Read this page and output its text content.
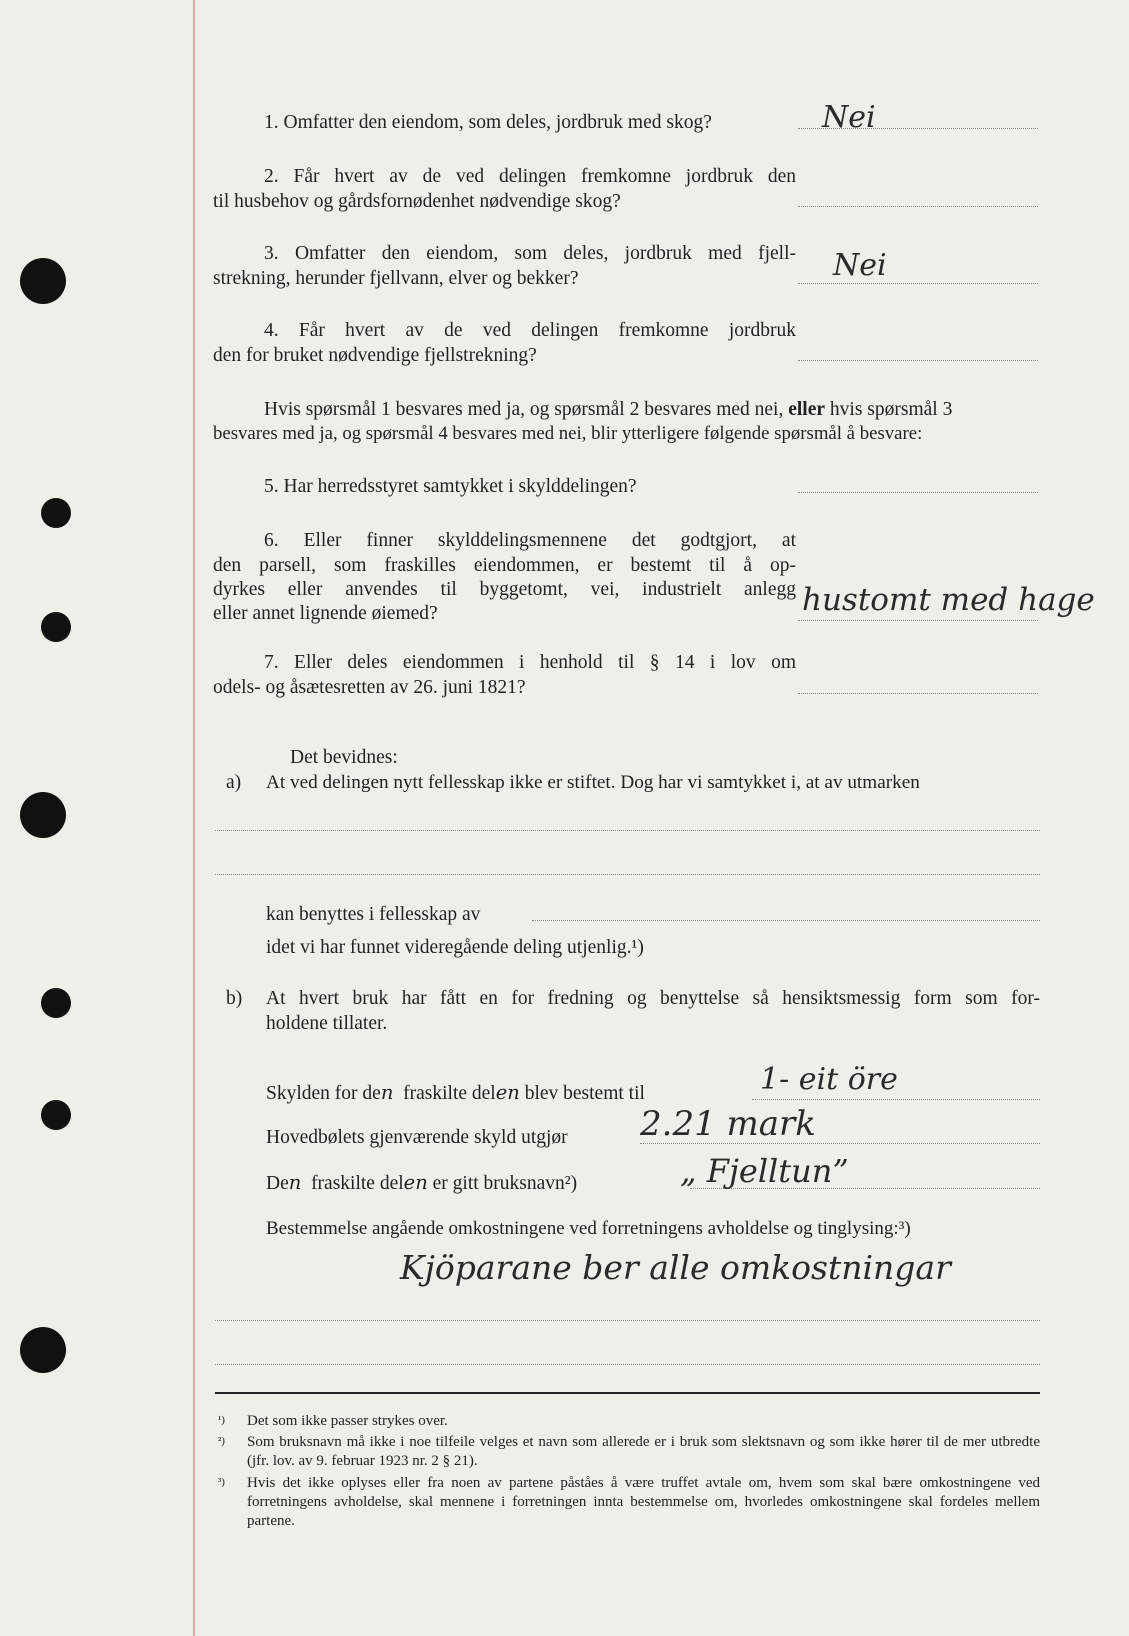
1. Omfatter den eiendom, som deles, jordbruk med skog?	Nei
2. Får hvert av de ved delingen fremkomne jordbruk den
til husbehov og gårdsfornødenhet nødvendige skog?
3. Omfatter den eiendom, som deles, jordbruk med fjell-
strekning, herunder fjellvann, elver og bekker?	Nei
4. Får hvert av de ved delingen fremkomne jordbruk
den for bruket nødvendige fjellstrekning?
Hvis spørsmål 1 besvares med ja, og spørsmål 2 besvares med nei, eller hvis spørsmål 3
besvares med ja, og spørsmål 4 besvares med nei, blir ytterligere følgende spørsmål å besvare:
5. Har herredsstyret samtykket i skylddelingen?
6. Eller finner skylddelingsmennene det godtgjort, at
den parsell, som fraskilles eiendommen, er bestemt til å op-
dyrkes eller anvendes til byggetomt, vei, industrielt anlegg
eller annet lignende øiemed?	hustomt med hage
7. Eller deles eiendommen i henhold til § 14 i lov om
odels- og åsætesretten av 26. juni 1821?
Det bevidnes:
a) At ved delingen nytt fellesskap ikke er stiftet. Dog har vi samtykket i, at av utmarken
kan benyttes i fellesskap av
idet vi har funnet videregående deling utjenlig.¹)
b) At hvert bruk har fått en for fredning og benyttelse så hensiktsmessig form som for-
holdene tillater.
Skylden for den fraskilte delen blev bestemt til	1- eit öre
Hovedbølets gjenværende skyld utgjør 2.21 mark
Den fraskilte delen er gitt bruksnavn²)	„ Fjelltun”
Bestemmelse angående omkostningene ved forretningens avholdelse og tinglysing:³)
Kjöparane ber alle omkostningar
¹) Det som ikke passer strykes over.
²) Som bruksnavn må ikke i noe tilfeile velges et navn som allerede er i bruk som slektsnavn og som ikke hører til de mer utbredte (jfr. lov. av 9. februar 1923 nr. 2 § 21).
³) Hvis det ikke oplyses eller fra noen av partene påståes å være truffet avtale om, hvem som skal bære omkostningene ved forretningens avholdelse, skal mennene i forretningen innta bestemmelse om, hvorledes omkostningene skal fordeles mellem partene.
